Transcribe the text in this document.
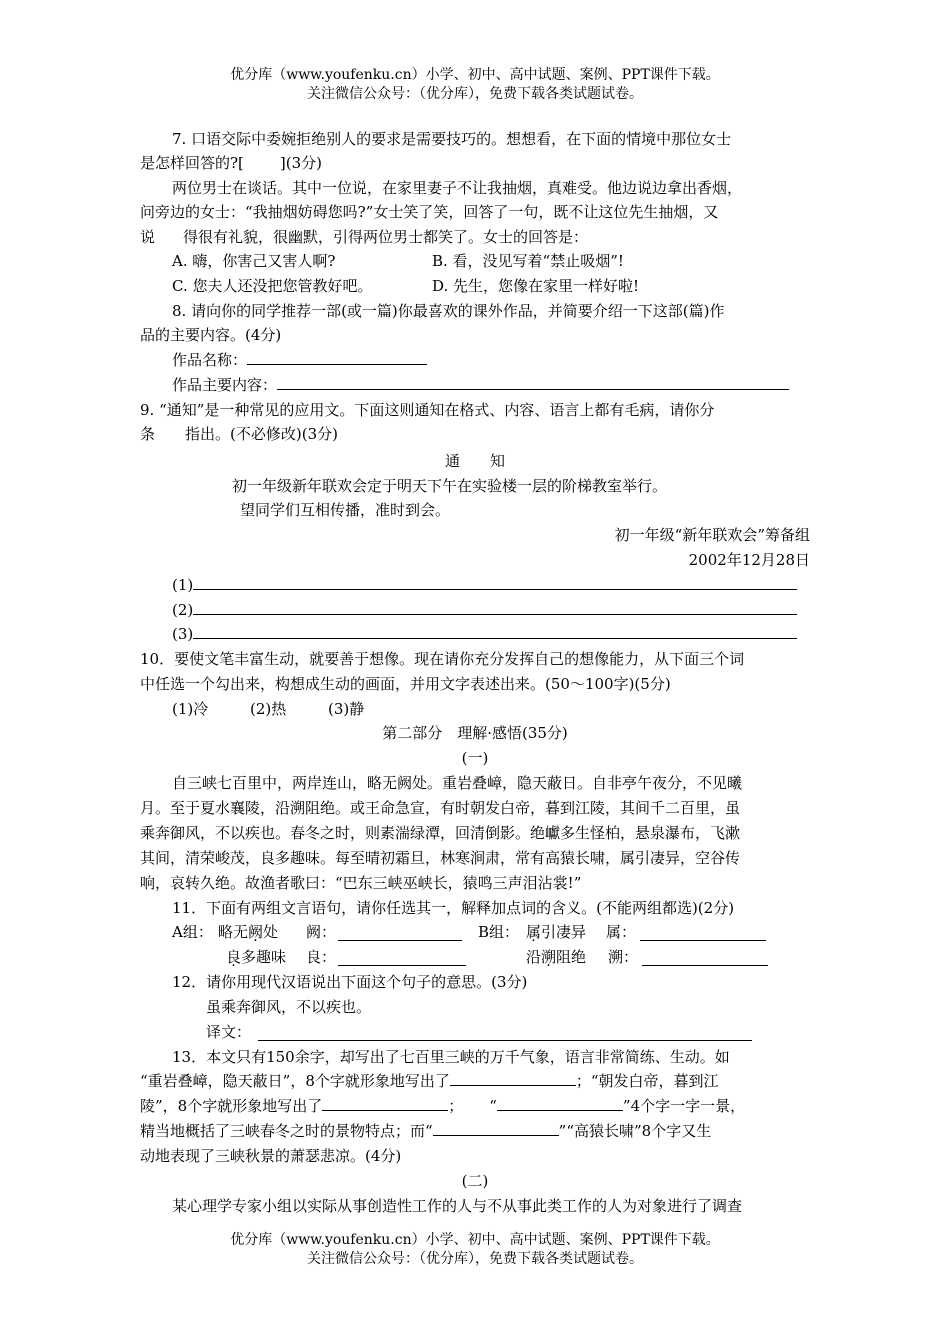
优分库（www.youfenku.cn）小学、初中、高中试题、案例、PPT课件下载。
关注微信公众号：（优分库），免费下载各类试题试卷。
7. 口语交际中委婉拒绝别人的要求是需要技巧的。想想看，在下面的情境中那位女士
是怎样回答的?[ ](3分)
两位男士在谈话。其中一位说，在家里妻子不让我抽烟，真难受。他边说边拿出香烟，
问旁边的女士：“我抽烟妨碍您吗?”女士笑了笑，回答了一句，既不让这位先生抽烟，又
说 得很有礼貌，很幽默，引得两位男士都笑了。女士的回答是：
A. 嗨，你害己又害人啊?	B. 看，没见写着“禁止吸烟”!
C. 您夫人还没把您管教好吧。	D. 先生，您像在家里一样好啦!
8. 请向你的同学推荐一部(或一篇)你最喜欢的课外作品，并简要介绍一下这部(篇)作
品的主要内容。(4分)
作品名称：
作品主要内容：
9. “通知”是一种常见的应用文。下面这则通知在格式、内容、语言上都有毛病，请你分
条 指出。(不必修改)(3分)
通　　知
初一年级新年联欢会定于明天下午在实验楼一层的阶梯教室举行。
望同学们互相传播，准时到会。
初一年级“新年联欢会”筹备组
2002年12月28日
(1)
(2)
(3)
10．要使文笔丰富生动，就要善于想像。现在请你充分发挥自己的想像能力，从下面三个词
中任选一个勾出来，构想成生动的画面，并用文字表述出来。(50～100字)(5分)
(1)冷	(2)热	(3)静
第二部分　理解·感悟(35分)
(一)
自三峡七百里中，两岸连山，略无阙处。重岩叠嶂，隐天蔽日。自非亭午夜分，不见曦
月。至于夏水襄陵，沿溯阻绝。或王命急宣，有时朝发白帝，暮到江陵，其间千二百里，虽
乘奔御风，不以疾也。春冬之时，则素湍绿潭，回清倒影。绝巘多生怪柏，悬泉瀑布，飞漱
其间，清荣峻茂，良多趣味。每至晴初霜旦，林寒涧肃，常有高猿长啸，属引凄异，空谷传
响，哀转久绝。故渔者歌曰：“巴东三峡巫峡长，猿鸣三声泪沾裳!”
11．下面有两组文言语句，请你任选其一，解释加点词的含义。(不能两组都选)(2分)
A组： 略无阙处 阙：	B组： 属引凄异 属：
良多趣味 良：	沿溯阻绝 溯：
12．请你用现代汉语说出下面这个句子的意思。(3分)
虽乘奔御风，不以疾也。
译文：
13．本文只有150余字，却写出了七百里三峡的万千气象，语言非常简练、生动。如
“重岩叠嶂，隐天蔽日”，8个字就形象地写出了	；“朝发白帝，暮到江
陵”，8个字就形象地写出了	； “	”4个字一字一景，
精当地概括了三峡春冬之时的景物特点；而“	”“高猿长啸”8个字又生
动地表现了三峡秋景的萧瑟悲凉。(4分)
(二)
某心理学专家小组以实际从事创造性工作的人与不从事此类工作的人为对象进行了调查
优分库（www.youfenku.cn）小学、初中、高中试题、案例、PPT课件下载。
关注微信公众号：（优分库），免费下载各类试题试卷。
